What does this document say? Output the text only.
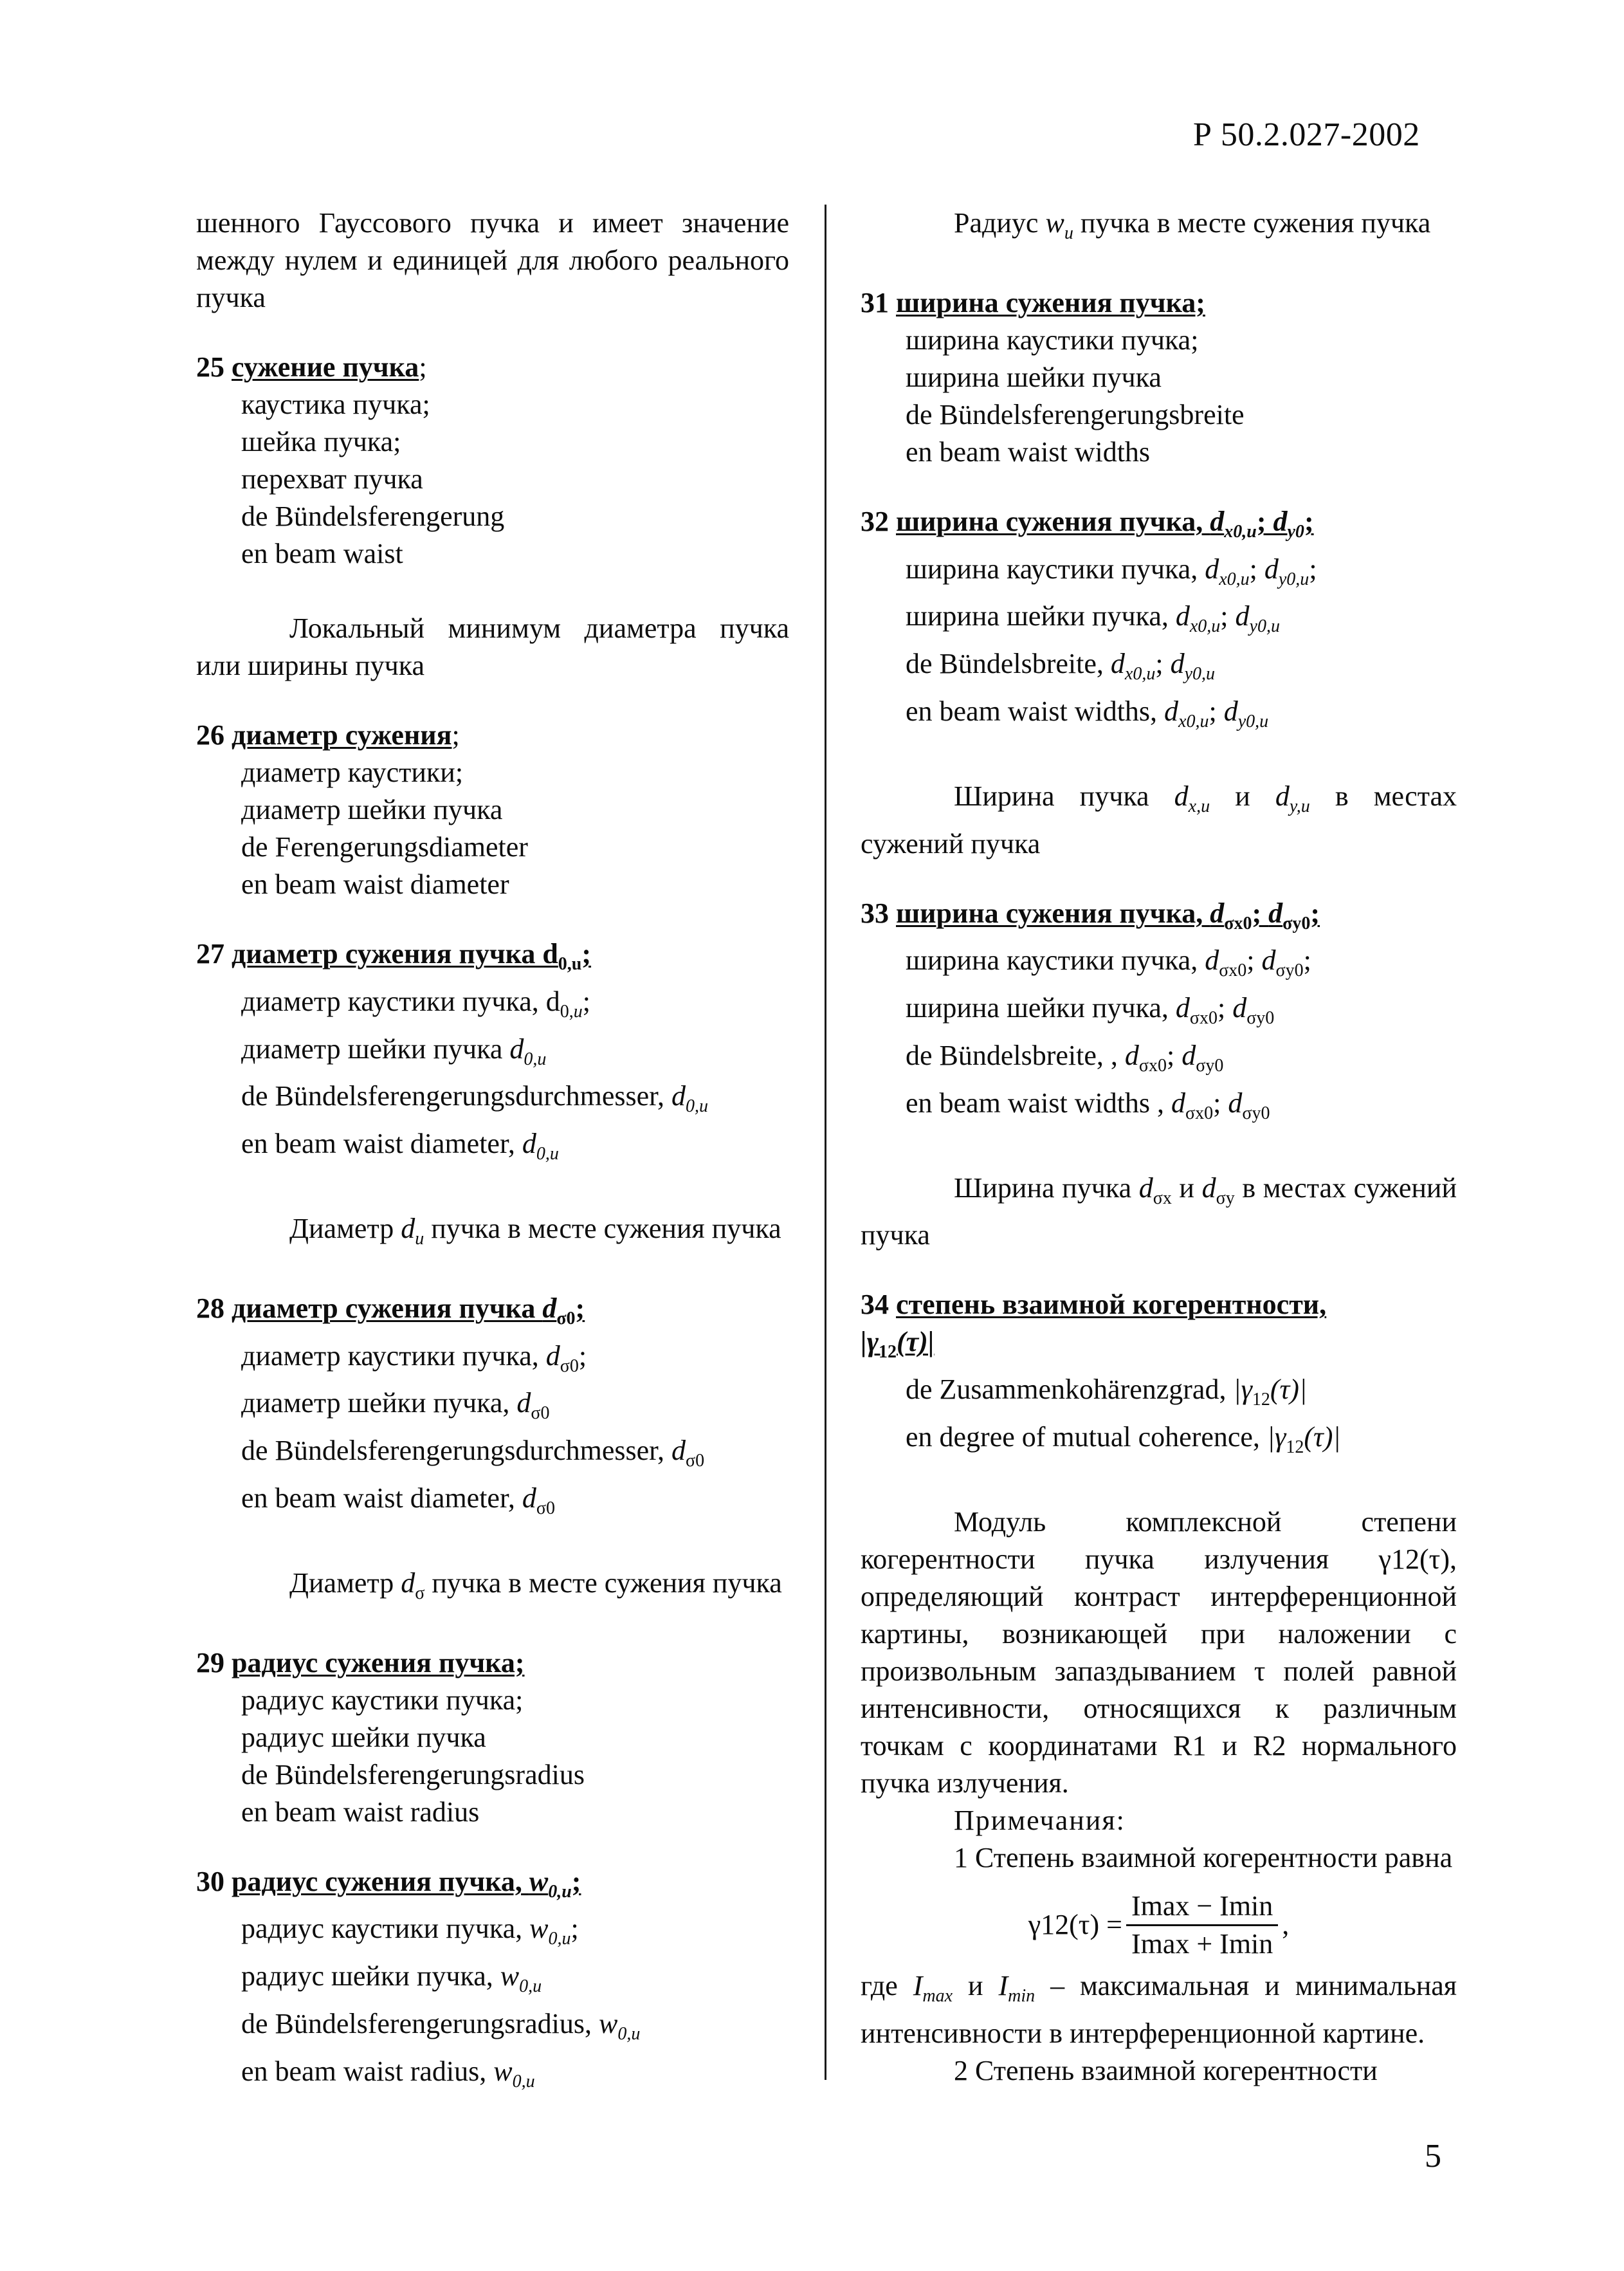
Р 50.2.027-2002

шенного Гауссового пучка и имеет значение между нулем и единицей для любого реального пучка

25 сужение пучка;

каустика пучка;

шейка пучка;

перехват пучка

de Bündelsferengerung

en beam waist

Локальный минимум диаметра пучка или ширины пучка

26 диаметр сужения;

диаметр каустики;

диаметр шейки пучка

de Ferengerungsdiameter

en beam waist diameter

27 диаметр сужения пучка $d_{0,u}$;

диаметр каустики пучка, $d_{0,u}$;

диаметр шейки пучка $d_{0,u}$

de Bündelsferengerungsdurchmesser, $d_{0,u}$

en beam waist diameter, $d_{0,u}$

Диаметр $d_u$ пучка в месте сужения пучка

28 диаметр сужения пучка $d_{\sigma 0}$;

диаметр каустики пучка, $d_{\sigma 0}$;

диаметр шейки пучка, $d_{\sigma 0}$

de Bündelsferengerungsdurchmesser, $d_{\sigma 0}$

en beam waist diameter, $d_{\sigma 0}$

Диаметр $d_\sigma$ пучка в месте сужения пучка

29 радиус сужения пучка;

радиус каустики пучка;

радиус шейки пучка

de Bündelsferengerungsradius

en beam waist radius

30 радиус сужения пучка, $w_{0,u}$;

радиус каустики пучка, $w_{0,u}$;

радиус шейки пучка, $w_{0,u}$

de Bündelsferengerungsradius, $w_{0,u}$

en beam waist radius, $w_{0,u}$

Радиус $w_u$ пучка в месте сужения пучка

31 ширина сужения пучка;

ширина каустики пучка;

ширина шейки пучка

de Bündelsferengerungsbreite

en beam waist widths

32 ширина сужения пучка, $d_{x0,u}$; $d_{y0}$;

ширина каустики пучка, $d_{x0,u}$; $d_{y0,u}$;

ширина шейки пучка, $d_{x0,u}$; $d_{y0,u}$

de Bündelsbreite, $d_{x0,u}$; $d_{y0,u}$

en beam waist widths, $d_{x0,u}$; $d_{y0,u}$

Ширина пучка $d_{x,u}$ и $d_{y,u}$ в местах сужений пучка

33 ширина сужения пучка, $d_{\sigma x0}$; $d_{\sigma y0}$;

ширина каустики пучка, $d_{\sigma x0}$; $d_{\sigma y0}$;

ширина шейки пучка, $d_{\sigma x0}$; $d_{\sigma y0}$

de Bündelsbreite, , $d_{\sigma x0}$; $d_{\sigma y0}$

en beam waist widths , $d_{\sigma x0}$; $d_{\sigma y0}$

Ширина пучка $d_{\sigma x}$ и $d_{\sigma y}$ в местах сужений пучка

34 степень взаимной когерентности,

$|\gamma_{12}(\tau)|$

de Zusammenkohärenzgrad, $|\gamma_{12}(\tau)|$

en degree of mutual coherence, $|\gamma_{12}(\tau)|$

Модуль комплексной степени когерентности пучка излучения γ12(τ), определяющий контраст интерференционной картины, возникающей при наложении с произвольным запаздыванием τ полей равной интенсивности, относящихся к различным точкам с координатами R1 и R2 нормального пучка излучения.

Примечания:

1 Степень взаимной когерентности равна

$\gamma 12(\tau) = \frac{Imax - Imin}{Imax + Imin}$ ,

где $I_{max}$ и $I_{min}$ – максимальная и минимальная интенсивности в интерференционной картине.

2 Степень взаимной когерентности

5
